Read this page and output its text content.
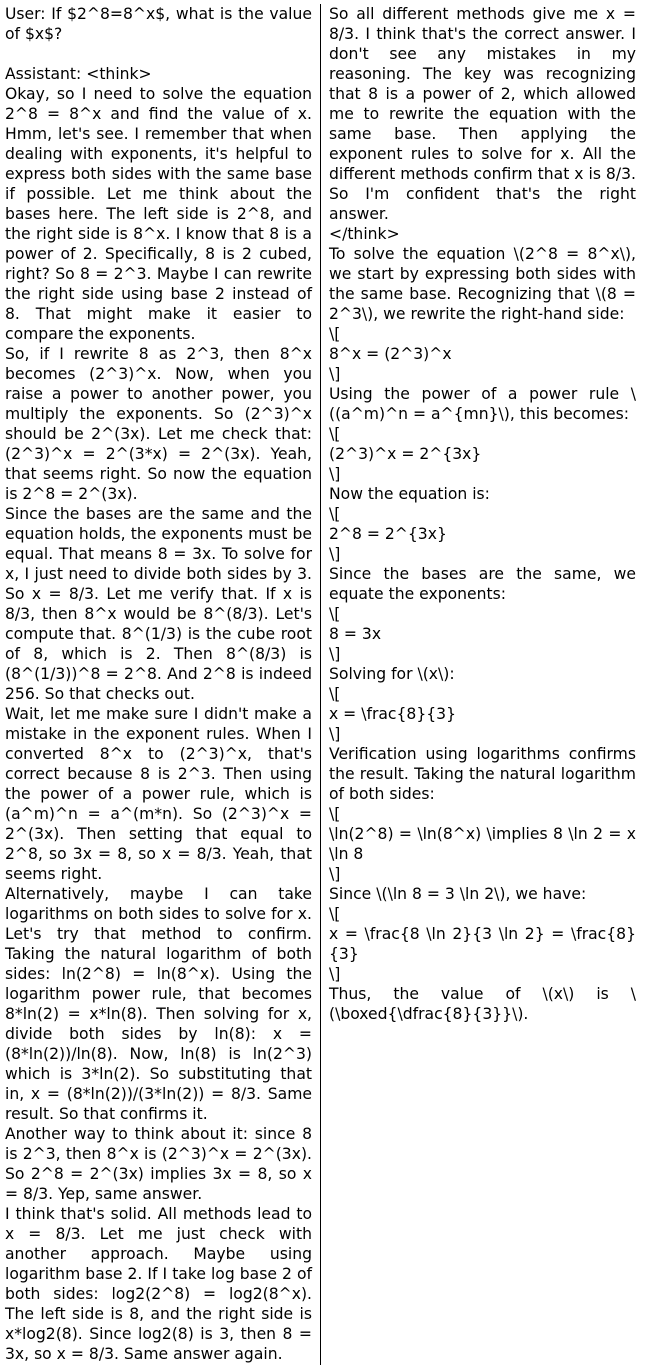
User: If $2^8=8^x$, what is the value of $x$?

Assistant: <think>

Okay, so I need to solve the equation 2^8 = 8^x and find the value of x. Hmm, let's see. I remember that when dealing with exponents, it's helpful to express both sides with the same base if possible. Let me think about the bases here. The left side is 2^8, and the right side is 8^x. I know that 8 is a power of 2. Specifically, 8 is 2 cubed, right? So 8 = 2^3. Maybe I can rewrite the right side using base 2 instead of 8. That might make it easier to compare the exponents.

So, if I rewrite 8 as 2^3, then 8^x becomes (2^3)^x. Now, when you raise a power to another power, you multiply the exponents. So (2^3)^x should be 2^(3x). Let me check that: (2^3)^x = 2^(3*x) = 2^(3x). Yeah, that seems right. So now the equation is 2^8 = 2^(3x).

Since the bases are the same and the equation holds, the exponents must be equal. That means 8 = 3x. To solve for x, I just need to divide both sides by 3. So x = 8/3. Let me verify that. If x is 8/3, then 8^x would be 8^(8/3). Let's compute that. 8^(1/3) is the cube root of 8, which is 2. Then 8^(8/3) is (8^(1/3))^8 = 2^8. And 2^8 is indeed 256. So that checks out.

Wait, let me make sure I didn't make a mistake in the exponent rules. When I converted 8^x to (2^3)^x, that's correct because 8 is 2^3. Then using the power of a power rule, which is (a^m)^n = a^(m*n). So (2^3)^x = 2^(3x). Then setting that equal to 2^8, so 3x = 8, so x = 8/3. Yeah, that seems right.

Alternatively, maybe I can take logarithms on both sides to solve for x. Let's try that method to confirm. Taking the natural logarithm of both sides: ln(2^8) = ln(8^x). Using the logarithm power rule, that becomes 8*ln(2) = x*ln(8). Then solving for x, divide both sides by ln(8): x = (8*ln(2))/ln(8). Now, ln(8) is ln(2^3) which is 3*ln(2). So substituting that in, x = (8*ln(2))/(3*ln(2)) = 8/3. Same result. So that confirms it.

Another way to think about it: since 8 is 2^3, then 8^x is (2^3)^x = 2^(3x). So 2^8 = 2^(3x) implies 3x = 8, so x = 8/3. Yep, same answer.

I think that's solid. All methods lead to x = 8/3. Let me just check with another approach. Maybe using logarithm base 2. If I take log base 2 of both sides: log2(2^8) = log2(8^x). The left side is 8, and the right side is x*log2(8). Since log2(8) is 3, then 8 = 3x, so x = 8/3. Same answer again.

So all different methods give me x = 8/3. I think that's the correct answer. I don't see any mistakes in my reasoning. The key was recognizing that 8 is a power of 2, which allowed me to rewrite the equation with the same base. Then applying the exponent rules to solve for x. All the different methods confirm that x is 8/3. So I'm confident that's the right answer.

</think>

To solve the equation \(2^8 = 8^x\), we start by expressing both sides with the same base. Recognizing that \(8 = 2^3\), we rewrite the right-hand side:

\[

8^x = (2^3)^x

\]

Using the power of a power rule \((a^m)^n = a^{mn}\), this becomes:

\[

(2^3)^x = 2^{3x}

\]

Now the equation is:

\[

2^8 = 2^{3x}

\]

Since the bases are the same, we equate the exponents:

\[

8 = 3x

\]

Solving for \(x\):

\[

x = \frac{8}{3}

\]

Verification using logarithms confirms the result. Taking the natural logarithm of both sides:

\[

\ln(2^8) = \ln(8^x) \implies 8 \ln 2 = x \ln 8

\]

Since \(\ln 8 = 3 \ln 2\), we have:

\[

x = \frac{8 \ln 2}{3 \ln 2} = \frac{8}{3}

\]

Thus, the value of \(x\) is \(\boxed{\dfrac{8}{3}}\).
